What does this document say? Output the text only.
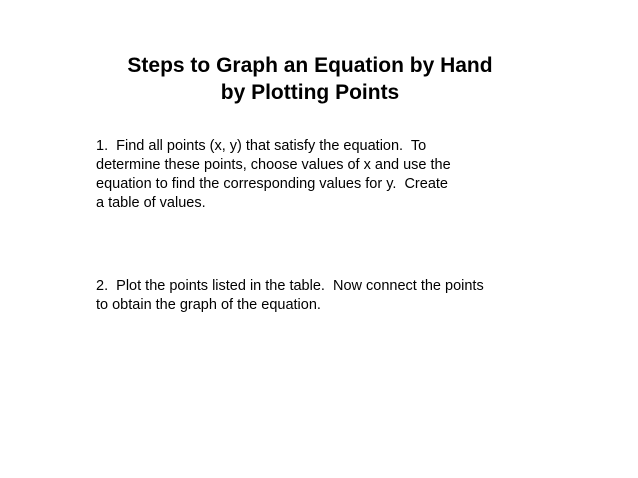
Steps to Graph an Equation by Hand
by Plotting Points

1.  Find all points (x, y) that satisfy the equation.  To
determine these points, choose values of x and use the
equation to find the corresponding values for y.  Create
a table of values.

2.  Plot the points listed in the table.  Now connect the points
to obtain the graph of the equation.
